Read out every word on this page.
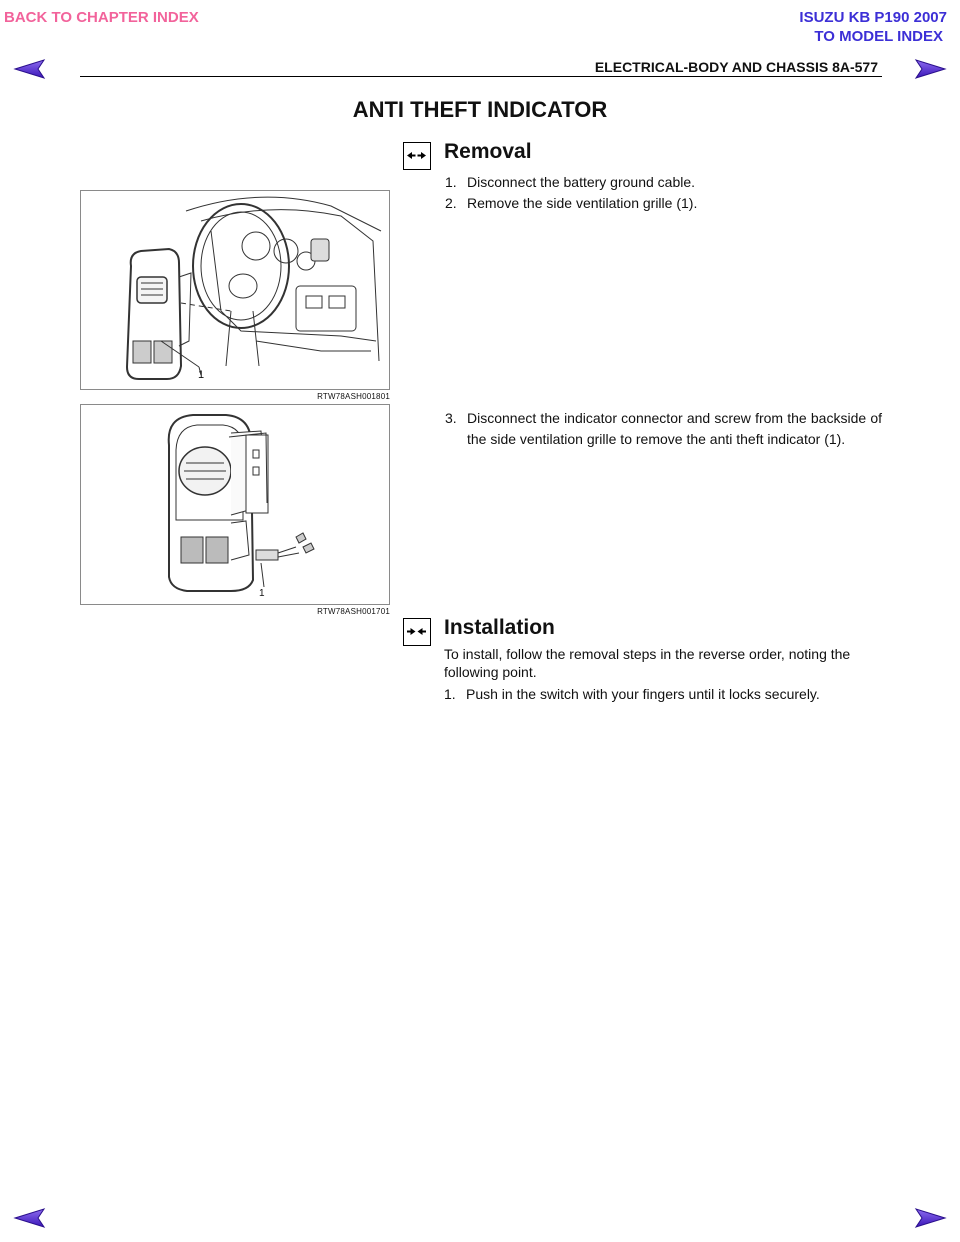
BACK TO CHAPTER INDEX	ISUZU KB P190 2007
TO MODEL INDEX
ELECTRICAL-BODY AND CHASSIS 8A-577
ANTI THEFT INDICATOR
Removal
1. Disconnect the battery ground cable.
2. Remove the side ventilation grille (1).
1
RTW78ASH001801
3. Disconnect the indicator connector and screw from the backside of the side ventilation grille to remove the anti theft indicator (1).
1
RTW78ASH001701
Installation
To install, follow the removal steps in the reverse order, noting the following point.
1. Push in the switch with your fingers until it locks securely.
